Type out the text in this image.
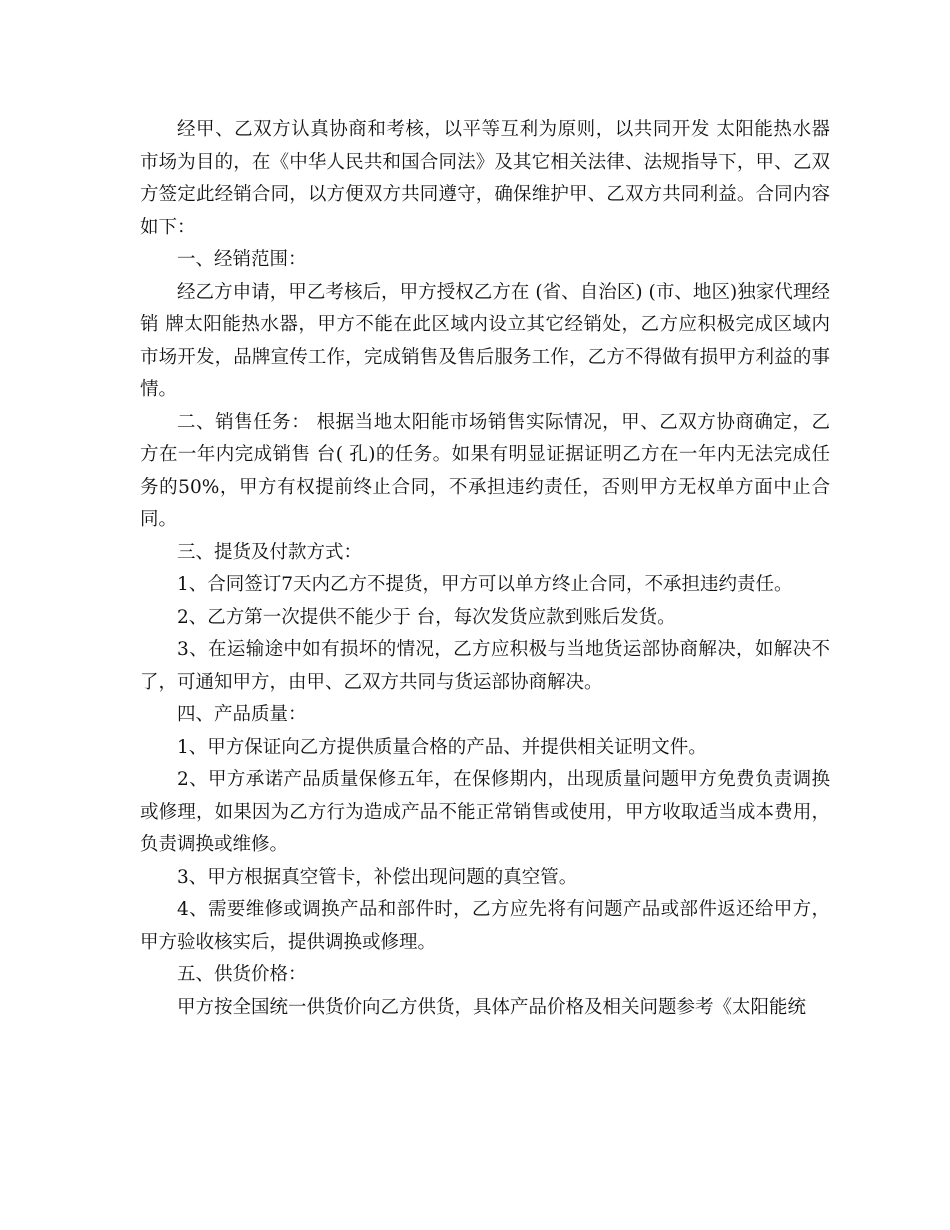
经甲、乙双方认真协商和考核，以平等互利为原则，以共同开发 太阳能热水器市场为目的，在《中华人民共和国合同法》及其它相关法律、法规指导下，甲、乙双方签定此经销合同，以方便双方共同遵守，确保维护甲、乙双方共同利益。合同内容如下：

一、经销范围：

经乙方申请，甲乙考核后，甲方授权乙方在 (省、自治区) (市、地区)独家代理经销 牌太阳能热水器，甲方不能在此区域内设立其它经销处，乙方应积极完成区域内市场开发，品牌宣传工作，完成销售及售后服务工作，乙方不得做有损甲方利益的事情。

二、销售任务： 根据当地太阳能市场销售实际情况，甲、乙双方协商确定，乙方在一年内完成销售 台( 孔)的任务。如果有明显证据证明乙方在一年内无法完成任务的50%，甲方有权提前终止合同，不承担违约责任，否则甲方无权单方面中止合同。

三、提货及付款方式：

1、合同签订7天内乙方不提货，甲方可以单方终止合同，不承担违约责任。

2、乙方第一次提供不能少于 台，每次发货应款到账后发货。

3、在运输途中如有损坏的情况，乙方应积极与当地货运部协商解决，如解决不了，可通知甲方，由甲、乙双方共同与货运部协商解决。

四、产品质量：

1、甲方保证向乙方提供质量合格的产品、并提供相关证明文件。

2、甲方承诺产品质量保修五年，在保修期内，出现质量问题甲方免费负责调换或修理，如果因为乙方行为造成产品不能正常销售或使用，甲方收取适当成本费用，负责调换或维修。

3、甲方根据真空管卡，补偿出现问题的真空管。

4、需要维修或调换产品和部件时，乙方应先将有问题产品或部件返还给甲方，甲方验收核实后，提供调换或修理。

五、供货价格：

甲方按全国统一供货价向乙方供货，具体产品价格及相关问题参考《太阳能统
